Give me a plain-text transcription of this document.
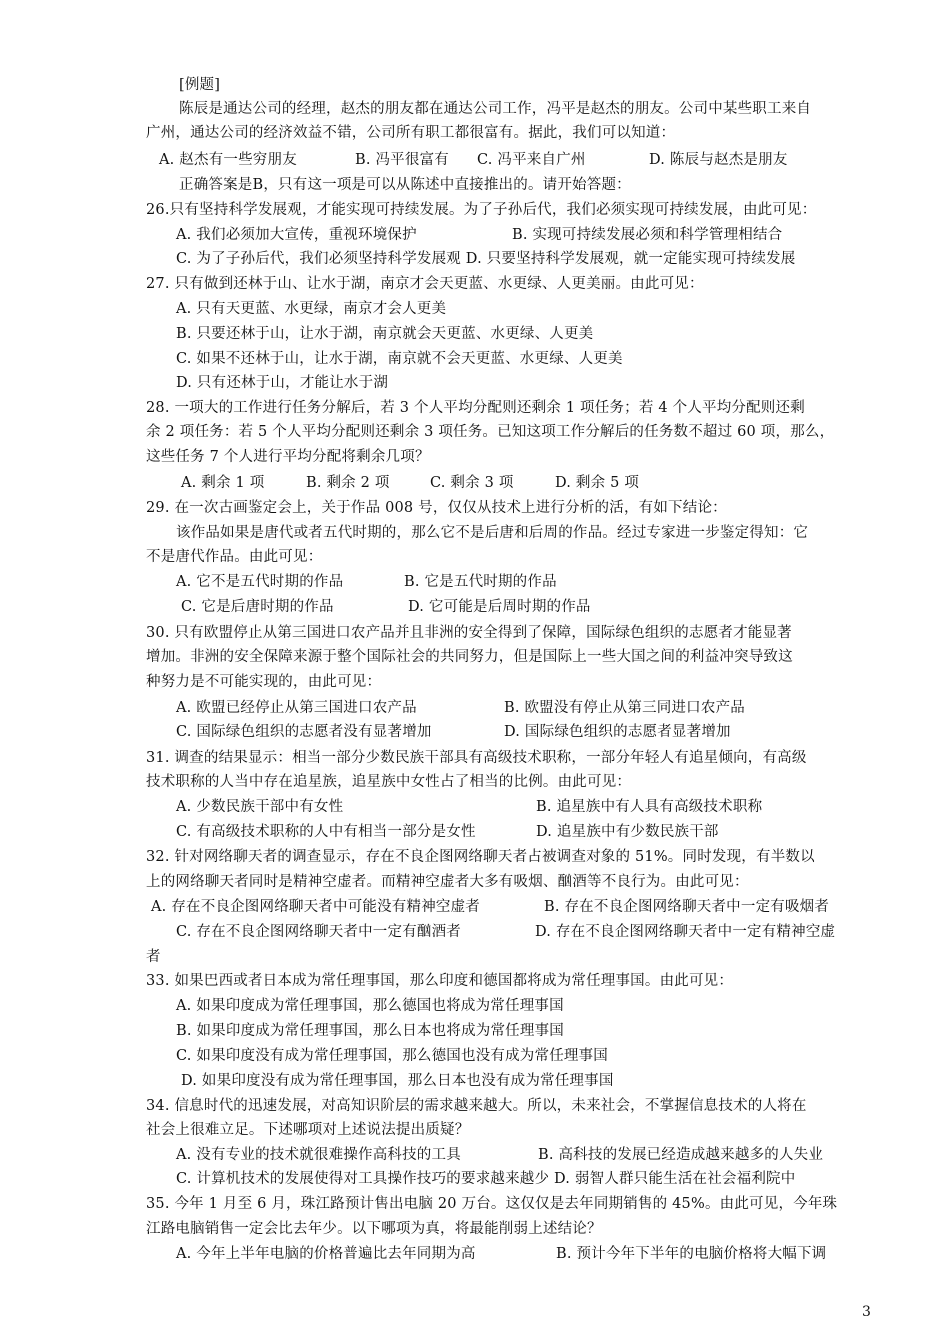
[例题]
陈辰是通达公司的经理，赵杰的朋友都在通达公司工作，冯平是赵杰的朋友。公司中某些职工来自
广州，通达公司的经济效益不错，公司所有职工都很富有。据此，我们可以知道：
A. 赵杰有一些穷朋友	B. 冯平很富有 C. 冯平来自广州	D. 陈辰与赵杰是朋友
正确答案是B，只有这一项是可以从陈述中直接推出的。请开始答题：
26.只有坚持科学发展观，才能实现可持续发展。为了子孙后代，我们必须实现可持续发展，由此可见：
A. 我们必须加大宣传，重视环境保护	B. 实现可持续发展必须和科学管理相结合
C. 为了子孙后代，我们必须坚持科学发展观 D. 只要坚持科学发展观，就一定能实现可持续发展
27. 只有做到还林于山、让水于湖，南京才会天更蓝、水更绿、人更美丽。由此可见：
A. 只有天更蓝、水更绿，南京才会人更美
B. 只要还林于山，让水于湖，南京就会天更蓝、水更绿、人更美
C. 如果不还林于山，让水于湖，南京就不会天更蓝、水更绿、人更美
D. 只有还林于山，才能让水于湖
28. 一项大的工作进行任务分解后，若 3 个人平均分配则还剩余 1 项任务；若 4 个人平均分配则还剩
余 2 项任务：若 5 个人平均分配则还剩余 3 项任务。已知这项工作分解后的任务数不超过 60 项，那么，
这些任务 7 个人进行平均分配将剩余几项？
A. 剩余 1 项	B. 剩余 2 项	C. 剩余 3 项	D. 剩余 5 项
29. 在一次古画鉴定会上，关于作品 008 号，仅仅从技术上进行分析的活，有如下结论：
该作品如果是唐代或者五代时期的，那么它不是后唐和后周的作品。经过专家进一步鉴定得知：它
不是唐代作品。由此可见：
A. 它不是五代时期的作品	B. 它是五代时期的作品
C. 它是后唐时期的作品	D. 它可能是后周时期的作品
30. 只有欧盟停止从第三国进口农产品并且非洲的安全得到了保障，国际绿色组织的志愿者才能显著
增加。非洲的安全保障来源于整个国际社会的共同努力，但是国际上一些大国之间的利益冲突导致这
种努力是不可能实现的，由此可见：
A. 欧盟已经停止从第三国进口农产品	B. 欧盟没有停止从第三同进口农产品
C. 国际绿色组织的志愿者没有显著增加	D. 国际绿色组织的志愿者显著增加
31. 调查的结果显示：相当一部分少数民族干部具有高级技术职称，一部分年轻人有追星倾向，有高级
技术职称的人当中存在追星族，追星族中女性占了相当的比例。由此可见：
A. 少数民族干部中有女性	B. 追星族中有人具有高级技术职称
C. 有高级技术职称的人中有相当一部分是女性	D. 追星族中有少数民族干部
32. 针对网络聊天者的调查显示，存在不良企图网络聊天者占被调查对象的 51%。同时发现，有半数以
上的网络聊天者同时是精神空虚者。而精神空虚者大多有吸烟、酗酒等不良行为。由此可见：
A. 存在不良企图网络聊天者中可能没有精神空虚者	B. 存在不良企图网络聊天者中一定有吸烟者
C. 存在不良企图网络聊天者中一定有酗酒者	D. 存在不良企图网络聊天者中一定有精神空虚
者
33. 如果巴西或者日本成为常任理事国，那么印度和德国都将成为常任理事国。由此可见：
A. 如果印度成为常任理事国，那么德国也将成为常任理事国
B. 如果印度成为常任理事国，那么日本也将成为常任理事国
C. 如果印度没有成为常任理事国，那么德国也没有成为常任理事国
D. 如果印度没有成为常任理事国，那么日本也没有成为常任理事国
34. 信息时代的迅速发展，对高知识阶层的需求越来越大。所以，未来社会，不掌握信息技术的人将在
社会上很难立足。下述哪项对上述说法提出质疑？
A. 没有专业的技术就很难操作高科技的工具	B. 高科技的发展已经造成越来越多的人失业
C. 计算机技术的发展使得对工具操作技巧的要求越来越少 D. 弱智人群只能生活在社会福利院中
35. 今年 1 月至 6 月，珠江路预计售出电脑 20 万台。这仅仅是去年同期销售的 45%。由此可见，今年珠
江路电脑销售一定会比去年少。以下哪项为真，将最能削弱上述结论？
A. 今年上半年电脑的价格普遍比去年同期为高	B. 预计今年下半年的电脑价格将大幅下调
3
